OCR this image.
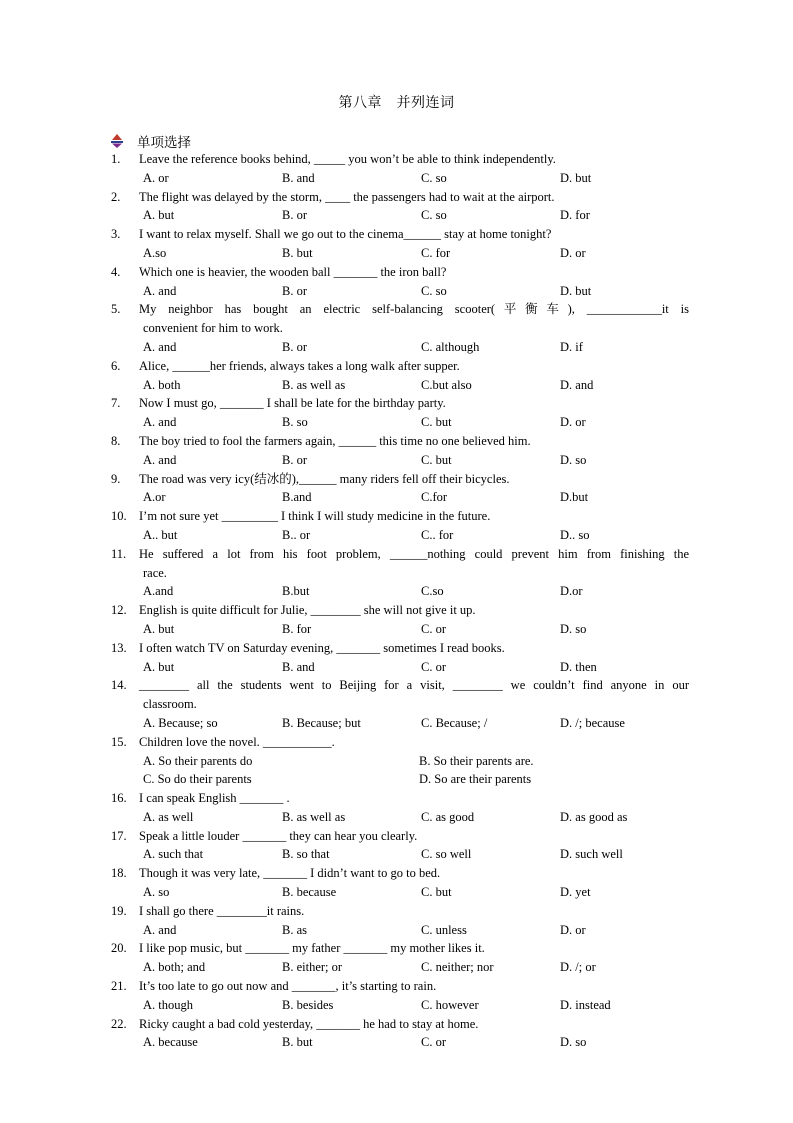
第八章　并列连词
单项选择
1.	Leave the reference books behind, _____ you won’t be able to think independently.
A. or	B. and	C. so	D. but
2.	The flight was delayed by the storm, ____ the passengers had to wait at the airport.
A. but	B. or	C. so	D. for
3.	I want to relax myself. Shall we go out to the cinema______ stay at home tonight?
A.so	B. but	C. for	D. or
4.	Which one is heavier, the wooden ball _______ the iron ball?
A. and	B. or	C. so	D. but
5.	My neighbor has bought an electric self-balancing scooter(平衡车), ____________it is
convenient for him to work.
A. and	B. or	C. although	D. if
6.	Alice, ______her friends, always takes a long walk after supper.
A. both	B. as well as	C.but also	D. and
7.	Now I must go, _______ I shall be late for the birthday party.
A. and	B. so	C. but	D. or
8.	The boy tried to fool the farmers again, ______ this time no one believed him.
A. and	B. or	C. but	D. so
9.	The road was very icy(结冰的),______ many riders fell off their bicycles.
A.or	B.and	C.for	D.but
10. I’m not sure yet _________ I think I will study medicine in the future.
A.. but	B.. or	C.. for	D.. so
11.	He suffered a lot from his foot problem, ______nothing could prevent him from finishing the
race.
A.and	B.but	C.so	D.or
12. English is quite difficult for Julie, ________ she will not give it up.
A. but	B. for	C. or	D. so
13. I often watch TV on Saturday evening, _______ sometimes I read books.
A. but	B. and	C. or	D. then
14. ________ all the students went to Beijing for a visit, ________ we couldn’t find anyone in our
classroom.
A. Because; so	B. Because; but	C. Because; /	D. /; because
15. Children love the novel. ___________.
A. So their parents do	B. So their parents are.
C. So do their parents	D. So are their parents
16. I can speak English _______ .
A. as well	B. as well as	C. as good	D. as good as
17. Speak a little louder _______ they can hear you clearly.
A. such that	B. so that	C. so well	D. such well
18. Though it was very late, _______ I didn’t want to go to bed.
A. so	B. because	C. but	D. yet
19. I shall go there ________it rains.
A. and	B. as	C. unless	D. or
20. I like pop music, but _______ my father _______ my mother likes it.
A. both; and	B. either; or	C. neither; nor	D. /; or
21. It’s too late to go out now and _______, it’s starting to rain.
A. though	B. besides	C. however	D. instead
22. Ricky caught a bad cold yesterday, _______ he had to stay at home.
A. because	B. but	C. or	D. so
